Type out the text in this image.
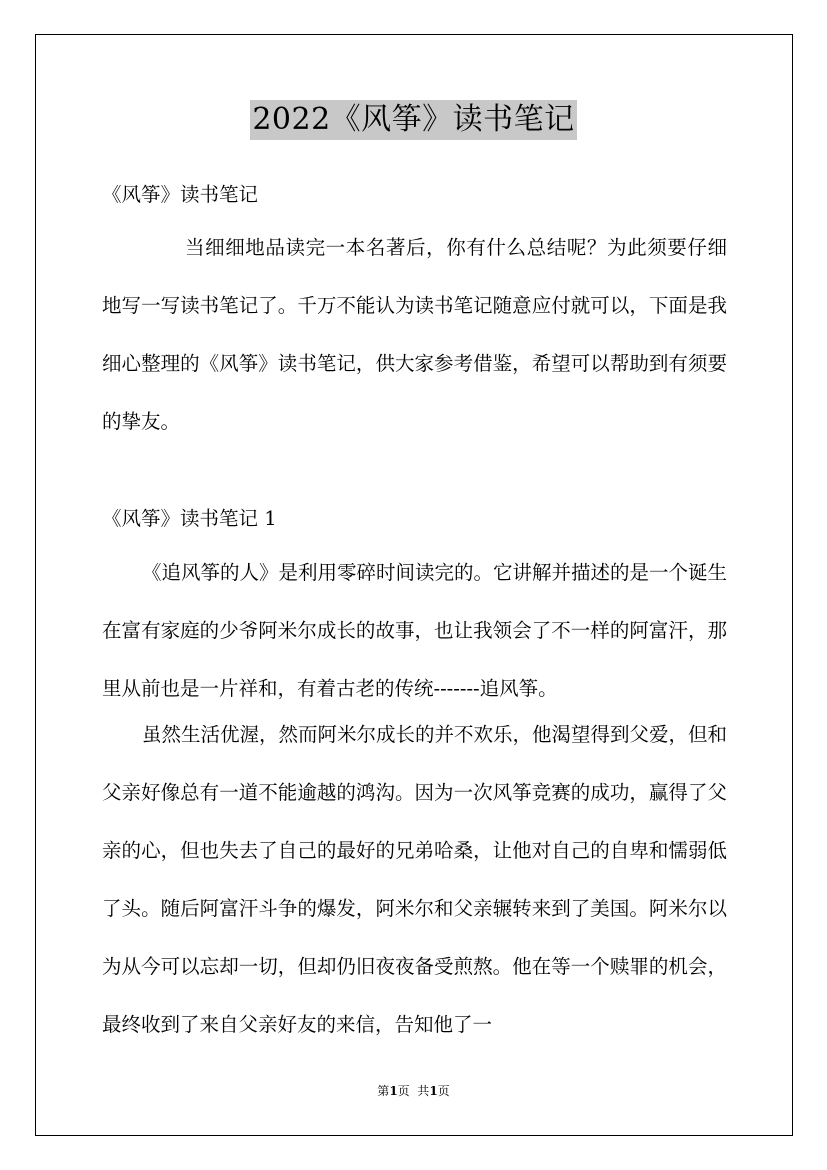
2022《风筝》读书笔记

《风筝》读书笔记

当细细地品读完一本名著后，你有什么总结呢？为此须要仔细地写一写读书笔记了。千万不能认为读书笔记随意应付就可以，下面是我细心整理的《风筝》读书笔记，供大家参考借鉴，希望可以帮助到有须要的挚友。

《风筝》读书笔记 1

《追风筝的人》是利用零碎时间读完的。它讲解并描述的是一个诞生在富有家庭的少爷阿米尔成长的故事，也让我领会了不一样的阿富汗，那里从前也是一片祥和，有着古老的传统-------追风筝。

虽然生活优渥，然而阿米尔成长的并不欢乐，他渴望得到父爱，但和父亲好像总有一道不能逾越的鸿沟。因为一次风筝竞赛的成功，赢得了父亲的心，但也失去了自己的最好的兄弟哈桑，让他对自己的自卑和懦弱低了头。随后阿富汗斗争的爆发，阿米尔和父亲辗转来到了美国。阿米尔以为从今可以忘却一切，但却仍旧夜夜备受煎熬。他在等一个赎罪的机会，最终收到了来自父亲好友的来信，告知他了一

第1页  共1页
